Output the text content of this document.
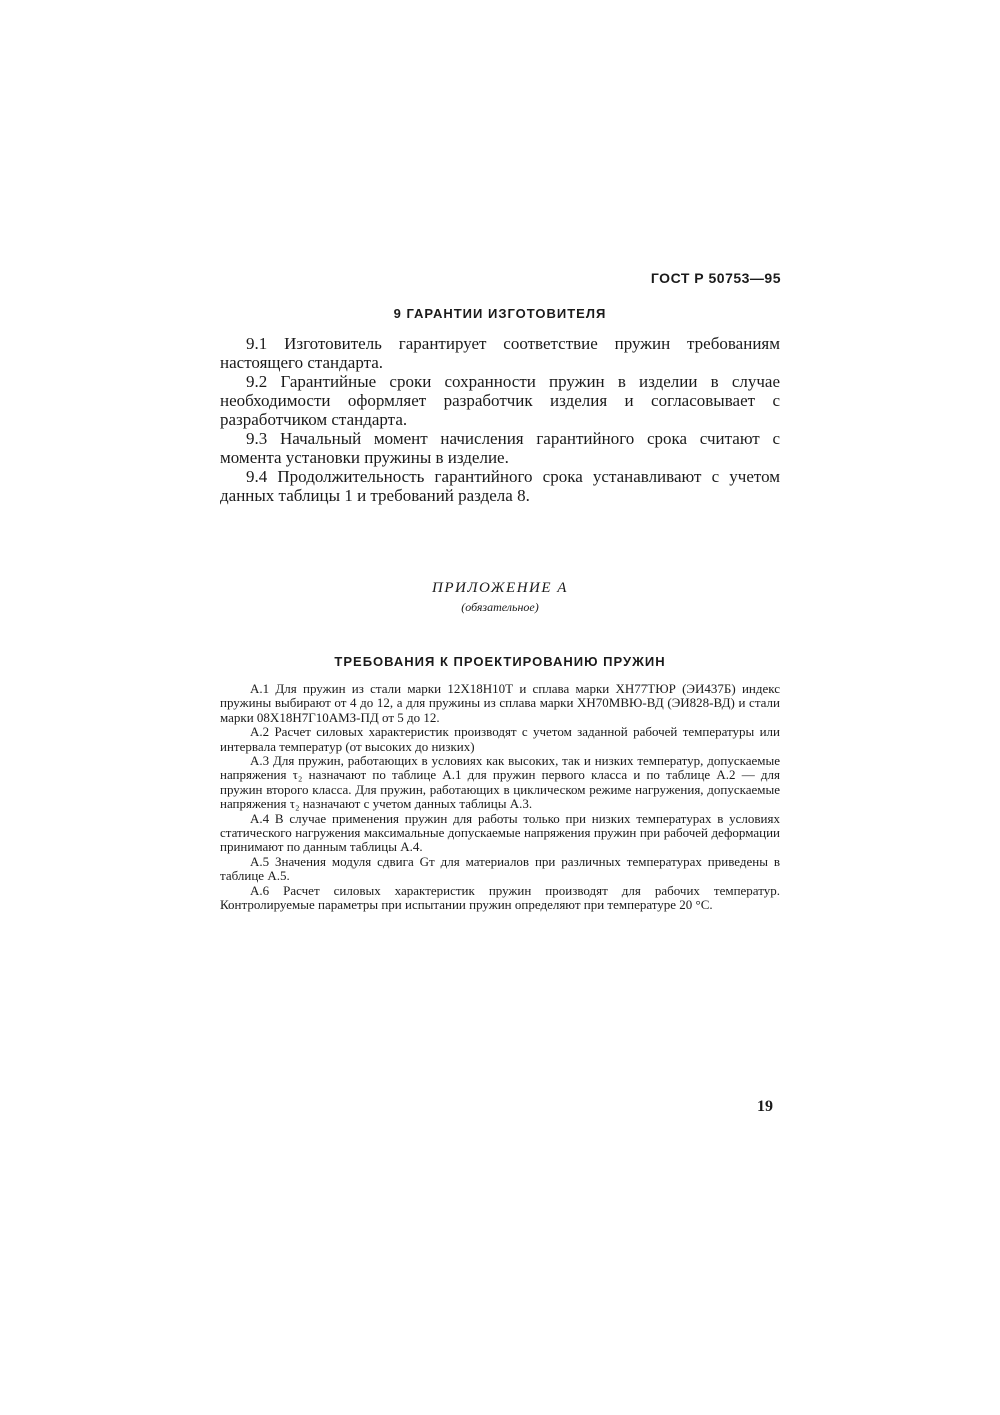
ГОСТ Р 50753—95
9 ГАРАНТИИ ИЗГОТОВИТЕЛЯ

9.1 Изготовитель гарантирует соответствие пружин требованиям настоящего стандарта.

9.2 Гарантийные сроки сохранности пружин в изделии в случае необходимости оформляет разработчик изделия и согласовывает с разработчиком стандарта.

9.3 Начальный момент начисления гарантийного срока считают с момента установки пружины в изделие.

9.4 Продолжительность гарантийного срока устанавливают с учетом данных таблицы 1 и требований раздела 8.

ПРИЛОЖЕНИЕ А
(обязательное)
ТРЕБОВАНИЯ К ПРОЕКТИРОВАНИЮ ПРУЖИН

А.1 Для пружин из стали марки 12Х18Н10Т и сплава марки ХН77ТЮР (ЭИ437Б) индекс пружины выбирают от 4 до 12, а для пружины из сплава марки ХН70МВЮ-ВД (ЭИ828-ВД) и стали марки 08Х18Н7Г10АМЗ-ПД от 5 до 12.

А.2 Расчет силовых характеристик производят с учетом заданной рабочей температуры или интервала температур (от высоких до низких)

А.3 Для пружин, работающих в условиях как высоких, так и низких температур, допускаемые напряжения τ₂ назначают по таблице А.1 для пружин первого класса и по таблице А.2 — для пружин второго класса. Для пружин, работающих в циклическом режиме нагружения, допускаемые напряжения τ₂ назначают с учетом данных таблицы А.3.

А.4 В случае применения пружин для работы только при низких температурах в условиях статического нагружения максимальные допускаемые напряжения пружин при рабочей деформации принимают по данным таблицы А.4.

А.5 Значения модуля сдвига Gт для материалов при различных температурах приведены в таблице А.5.

А.6 Расчет силовых характеристик пружин производят для рабочих температур. Контролируемые параметры при испытании пружин определяют при температуре 20 °С.

19
